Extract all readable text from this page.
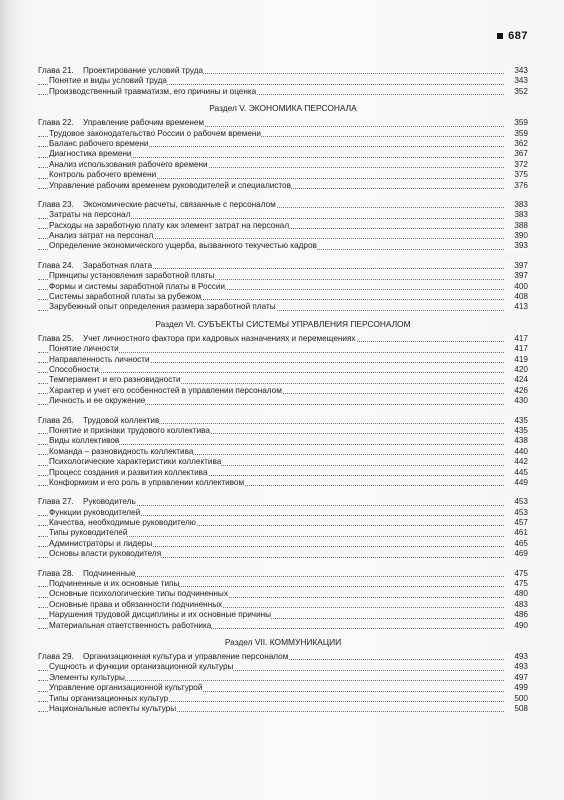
687
Глава 21. Проектирование условий труда	343
Понятие и виды условий труда	343
Производственный травматизм, его причины и оценка	352
Раздел V. ЭКОНОМИКА ПЕРСОНАЛА
Глава 22. Управление рабочим временем	359
Трудовое законодательство России о рабочем времени	359
Баланс рабочего времени	362
Диагностика времени	367
Анализ использования рабочего времени	372
Контроль рабочего времени	375
Управление рабочим временем руководителей и специалистов	376
Глава 23. Экономические расчеты, связанные с персоналом	383
Затраты на персонал	383
Расходы на заработную плату как элемент затрат на персонал	388
Анализ затрат на персонал	390
Определение экономического ущерба, вызванного текучестью кадров	393
Глава 24. Заработная плата	397
Принципы установления заработной платы	397
Формы и системы заработной платы в России	400
Системы заработной платы за рубежом	408
Зарубежный опыт определения размера заработной платы	413
Раздел VI. СУБЪЕКТЫ СИСТЕМЫ УПРАВЛЕНИЯ ПЕРСОНАЛОМ
Глава 25. Учет личностного фактора при кадровых назначениях и перемещениях	417
Понятие личности	417
Направленность личности	419
Способности	420
Темперамент и его разновидности	424
Характер и учет его особенностей в управлении персоналом	426
Личность и ее окружение	430
Глава 26. Трудовой коллектив	435
Понятие и признаки трудового коллектива	435
Виды коллективов	438
Команда – разновидность коллектива	440
Психологические характеристики коллектива	442
Процесс создания и развития коллектива	445
Конформизм и его роль в управлении коллективом	449
Глава 27. Руководитель	453
Функции руководителей	453
Качества, необходимые руководителю	457
Типы руководителей	461
Администраторы и лидеры	465
Основы власти руководителя	469
Глава 28. Подчиненные	475
Подчиненные и их основные типы	475
Основные психологические типы подчиненных	480
Основные права и обязанности подчиненных	483
Нарушения трудовой дисциплины и их основные причины	486
Материальная ответственность работника	490
Раздел VII. КОММУНИКАЦИИ
Глава 29. Организационная культура и управление персоналом	493
Сущность и функции организационной культуры	493
Элементы культуры	497
Управление организационной культурой	499
Типы организационных культур	500
Национальные аспекты культуры	508
